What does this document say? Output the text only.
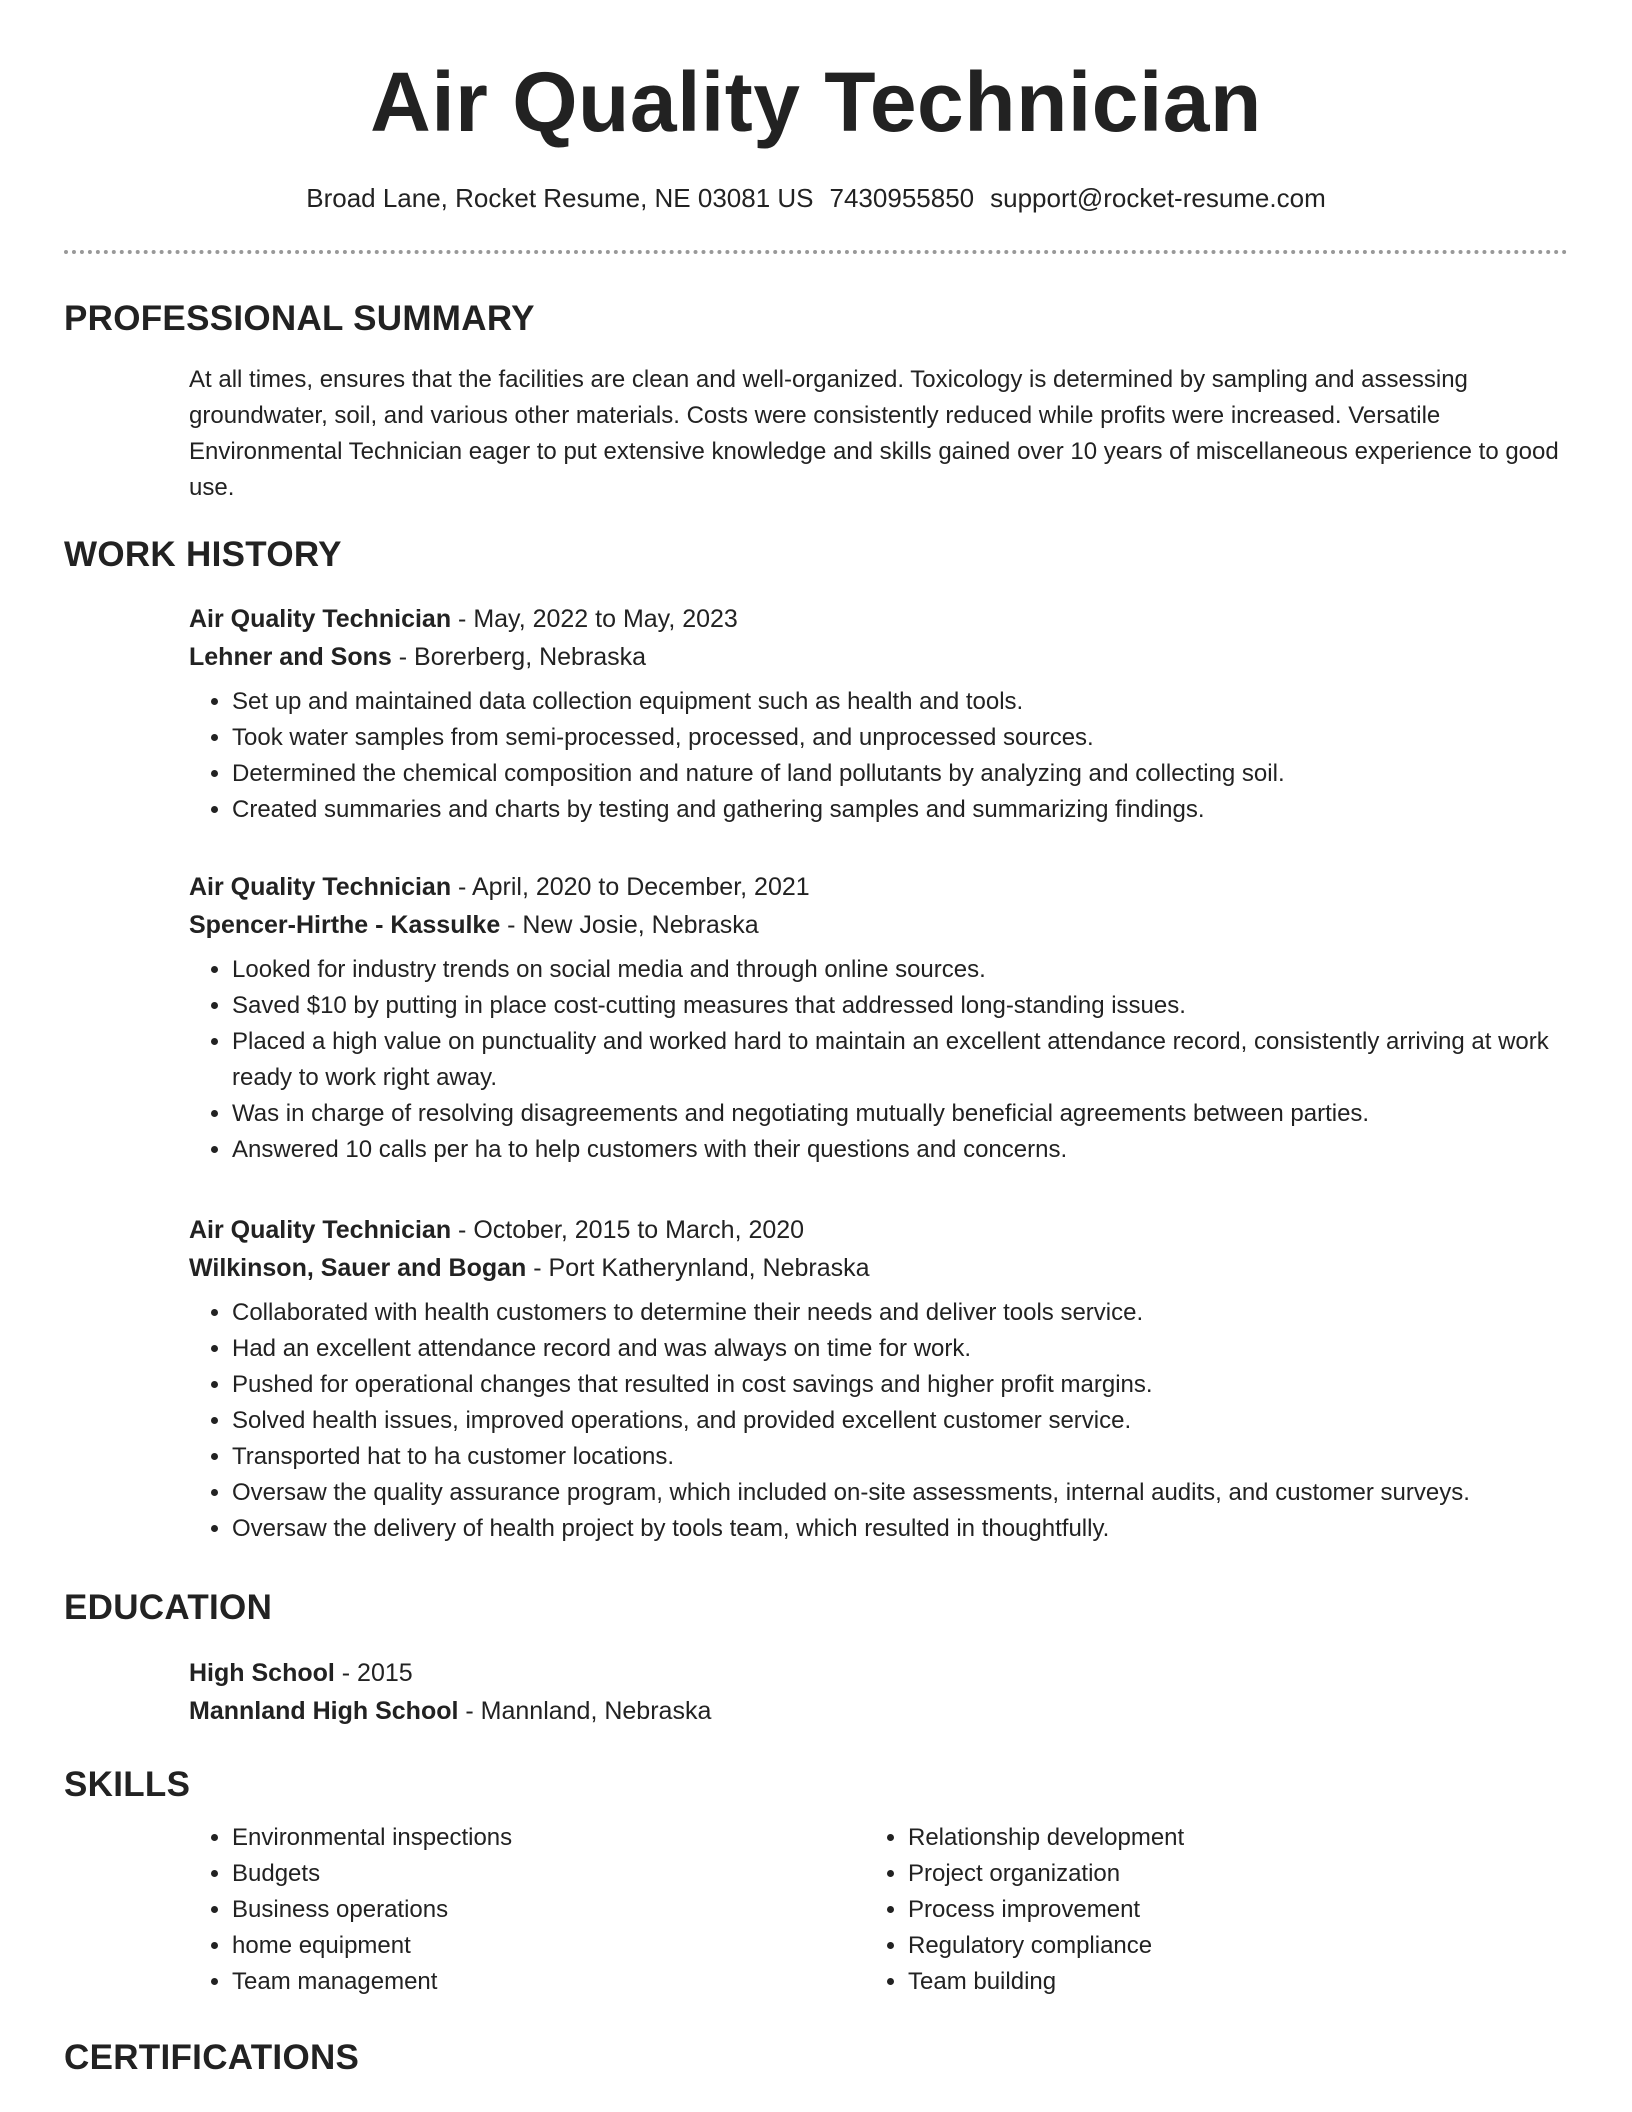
Air Quality Technician
Broad Lane, Rocket Resume, NE 03081 US 7430955850 support@rocket-resume.com
PROFESSIONAL SUMMARY

At all times, ensures that the facilities are clean and well-organized. Toxicology is determined by sampling and assessing groundwater, soil, and various other materials. Costs were consistently reduced while profits were increased. Versatile Environmental Technician eager to put extensive knowledge and skills gained over 10 years of miscellaneous experience to good use.

WORK HISTORY
Air Quality Technician - May, 2022 to May, 2023
Lehner and Sons - Borerberg, Nebraska
• Set up and maintained data collection equipment such as health and tools.
• Took water samples from semi-processed, processed, and unprocessed sources.
• Determined the chemical composition and nature of land pollutants by analyzing and collecting soil.
• Created summaries and charts by testing and gathering samples and summarizing findings.
Air Quality Technician - April, 2020 to December, 2021
Spencer-Hirthe - Kassulke - New Josie, Nebraska
• Looked for industry trends on social media and through online sources.
• Saved $10 by putting in place cost-cutting measures that addressed long-standing issues.
• Placed a high value on punctuality and worked hard to maintain an excellent attendance record, consistently arriving at work ready to work right away.
• Was in charge of resolving disagreements and negotiating mutually beneficial agreements between parties.
• Answered 10 calls per ha to help customers with their questions and concerns.
Air Quality Technician - October, 2015 to March, 2020
Wilkinson, Sauer and Bogan - Port Katherynland, Nebraska
• Collaborated with health customers to determine their needs and deliver tools service.
• Had an excellent attendance record and was always on time for work.
• Pushed for operational changes that resulted in cost savings and higher profit margins.
• Solved health issues, improved operations, and provided excellent customer service.
• Transported hat to ha customer locations.
• Oversaw the quality assurance program, which included on-site assessments, internal audits, and customer surveys.
• Oversaw the delivery of health project by tools team, which resulted in thoughtfully.
EDUCATION
High School - 2015
Mannland High School - Mannland, Nebraska
SKILLS
• Environmental inspections
• Budgets
• Business operations
• home equipment
• Team management
• Relationship development
• Project organization
• Process improvement
• Regulatory compliance
• Team building
CERTIFICATIONS
